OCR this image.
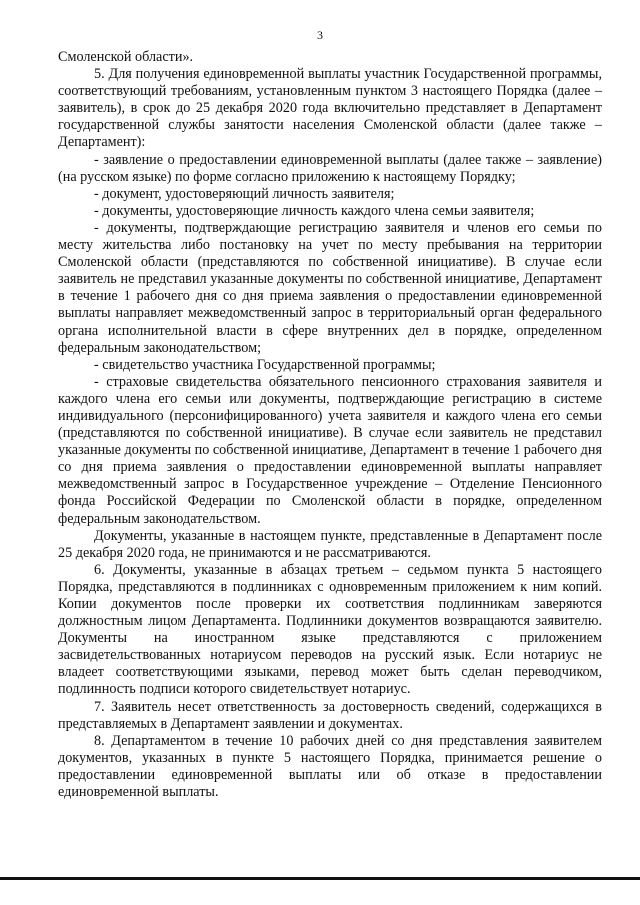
3

Смоленской области».

5. Для получения единовременной выплаты участник Государственной программы, соответствующий требованиям, установленным пунктом 3 настоящего Порядка (далее – заявитель), в срок до 25 декабря 2020 года включительно представляет в Департамент государственной службы занятости населения Смоленской области (далее также – Департамент):

- заявление о предоставлении единовременной выплаты (далее также – заявление) (на русском языке) по форме согласно приложению к настоящему Порядку;

- документ, удостоверяющий личность заявителя;

- документы, удостоверяющие личность каждого члена семьи заявителя;

- документы, подтверждающие регистрацию заявителя и членов его семьи по месту жительства либо постановку на учет по месту пребывания на территории Смоленской области (представляются по собственной инициативе). В случае если заявитель не представил указанные документы по собственной инициативе, Департамент в течение 1 рабочего дня со дня приема заявления о предоставлении единовременной выплаты направляет межведомственный запрос в территориальный орган федерального органа исполнительной власти в сфере внутренних дел в порядке, определенном федеральным законодательством;

- свидетельство участника Государственной программы;

- страховые свидетельства обязательного пенсионного страхования заявителя и каждого члена его семьи или документы, подтверждающие регистрацию в системе индивидуального (персонифицированного) учета заявителя и каждого члена его семьи (представляются по собственной инициативе). В случае если заявитель не представил указанные документы по собственной инициативе, Департамент в течение 1 рабочего дня со дня приема заявления о предоставлении единовременной выплаты направляет межведомственный запрос в Государственное учреждение – Отделение Пенсионного фонда Российской Федерации по Смоленской области в порядке, определенном федеральным законодательством.

Документы, указанные в настоящем пункте, представленные в Департамент после 25 декабря 2020 года, не принимаются и не рассматриваются.

6. Документы, указанные в абзацах третьем – седьмом пункта 5 настоящего Порядка, представляются в подлинниках с одновременным приложением к ним копий. Копии документов после проверки их соответствия подлинникам заверяются должностным лицом Департамента. Подлинники документов возвращаются заявителю. Документы на иностранном языке представляются с приложением засвидетельствованных нотариусом переводов на русский язык. Если нотариус не владеет соответствующими языками, перевод может быть сделан переводчиком, подлинность подписи которого свидетельствует нотариус.

7. Заявитель несет ответственность за достоверность сведений, содержащихся в представляемых в Департамент заявлении и документах.

8. Департаментом в течение 10 рабочих дней со дня представления заявителем документов, указанных в пункте 5 настоящего Порядка, принимается решение о предоставлении единовременной выплаты или об отказе в предоставлении единовременной выплаты.
